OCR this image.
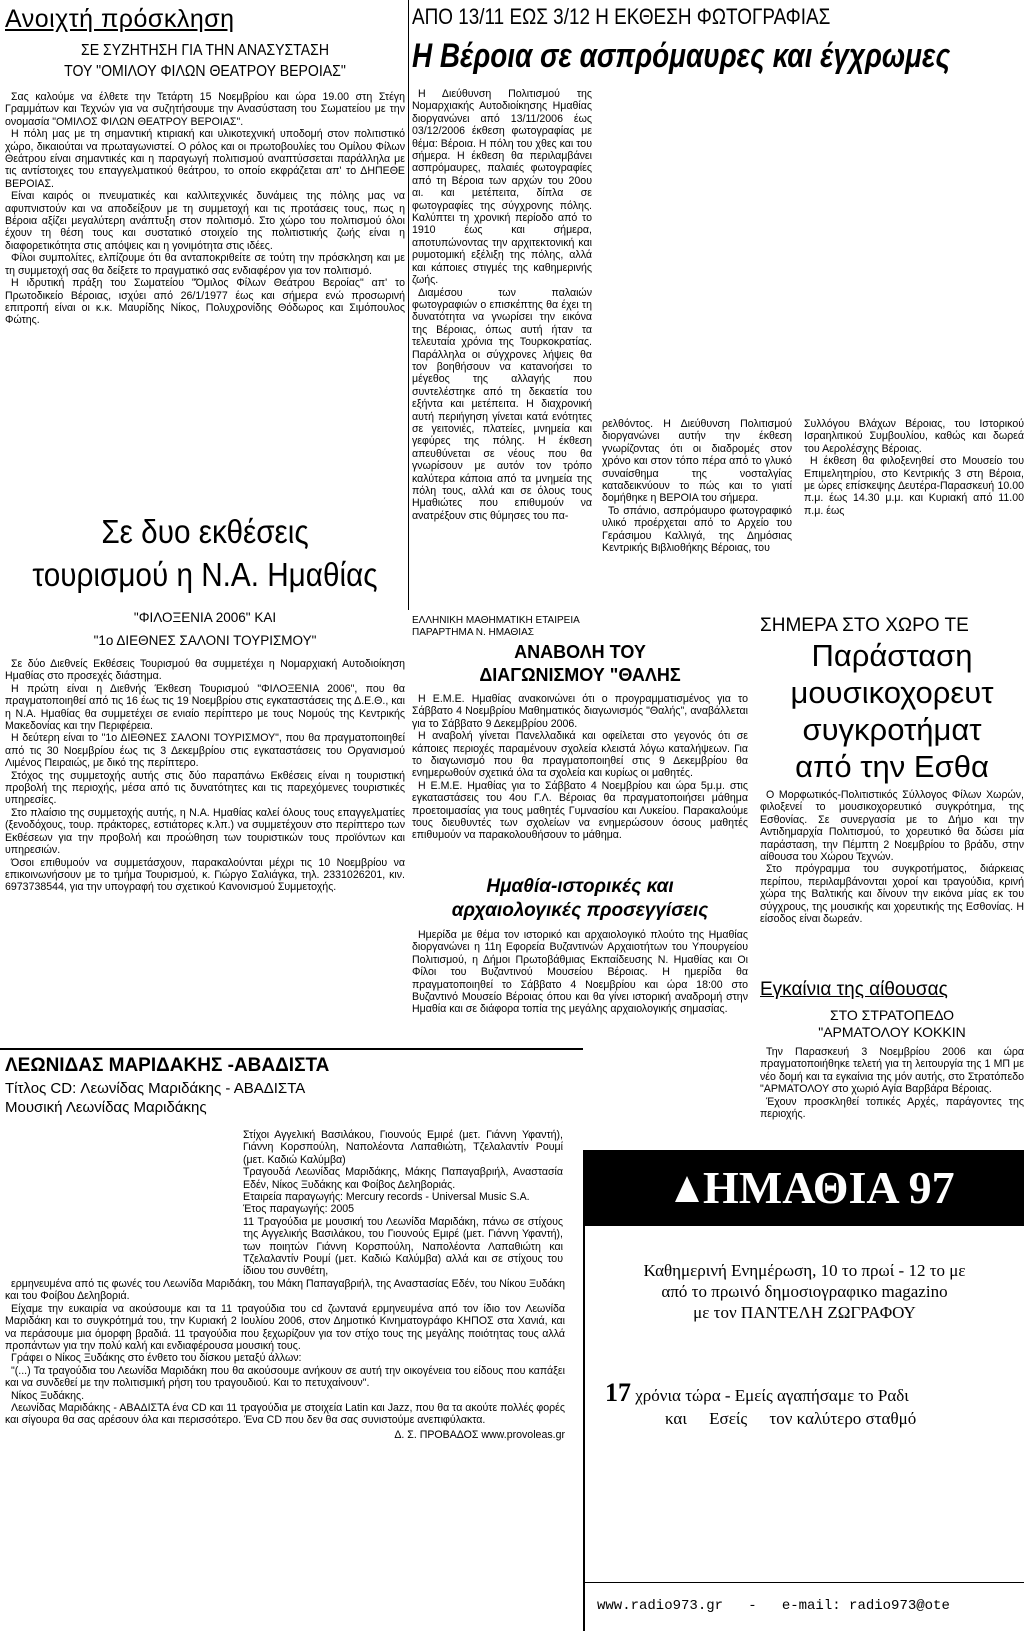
Ανοιχτή πρόσκληση
ΣΕ ΣΥΖΗΤΗΣΗ ΓΙΑ ΤΗΝ ΑΝΑΣΥΣΤΑΣΗ
ΤΟΥ "ΟΜΙΛΟΥ ΦΙΛΩΝ ΘΕΑΤΡΟΥ ΒΕΡΟΙΑΣ"

Σας καλούμε να έλθετε την Τετάρτη 15 Νοεμβρίου και ώρα 19.00 στη Στέγη Γραμμάτων και Τεχνών για να συζητήσουμε την Ανασύσταση του Σωματείου με την ονομασία "ΟΜΙΛΟΣ ΦΙΛΩΝ ΘΕΑΤΡΟΥ ΒΕΡΟΙΑΣ".

Η πόλη μας με τη σημαντική κτιριακή και υλικοτεχνική υποδομή στον πολιτιστικό χώρο, δικαιούται να πρωταγωνιστεί. Ο ρόλος και οι πρωτοβουλίες του Ομίλου Φίλων Θεάτρου είναι σημαντικές και η παραγωγή πολιτισμού αναπτύσσεται παράλληλα με τις αντίστοιχες του επαγγελματικού θεάτρου, το οποίο εκφράζεται απ' το ΔΗΠΕΘΕ ΒΕΡΟΙΑΣ.

Είναι καιρός οι πνευματικές και καλλιτεχνικές δυνάμεις της πόλης μας να αφυπνιστούν και να αποδείξουν με τη συμμετοχή και τις προτάσεις τους, πως η Βέροια αξίζει μεγαλύτερη ανάπτυξη στον πολιτισμό. Στο χώρο του πολιτισμού όλοι έχουν τη θέση τους και συστατικό στοιχείο της πολιτιστικής ζωής είναι η διαφορετικότητα στις απόψεις και η γονιμότητα στις ιδέες.

Φίλοι συμπολίτες, ελπίζουμε ότι θα ανταποκριθείτε σε τούτη την πρόσκληση και με τη συμμετοχή σας θα δείξετε το πραγματικό σας ενδιαφέρον για τον πολιτισμό.

Η ιδρυτική πράξη του Σωματείου "Όμιλος Φίλων Θεάτρου Βεροίας" απ' το Πρωτοδικείο Βέροιας, ισχύει από 26/1/1977 έως και σήμερα ενώ προσωρινή επιτροπή είναι οι κ.κ. Μαυρίδης Νίκος, Πολυχρονίδης Θόδωρος και Σιμόπουλος Φώτης.

Σε δυο εκθέσεις
τουρισμού η Ν.Α. Ημαθίας
"ΦΙΛΟΞΕΝΙΑ 2006" ΚΑΙ
"1ο ΔΙΕΘΝΕΣ ΣΑΛΟΝΙ ΤΟΥΡΙΣΜΟΥ"

Σε δύο Διεθνείς Εκθέσεις Τουρισμού θα συμμετέχει η Νομαρχιακή Αυτοδιοίκηση Ημαθίας στο προσεχές διάστημα.

Η πρώτη είναι η Διεθνής Έκθεση Τουρισμού "ΦΙΛΟΞΕΝΙΑ 2006", που θα πραγματοποιηθεί από τις 16 έως τις 19 Νοεμβρίου στις εγκαταστάσεις της Δ.Ε.Θ., και η Ν.Α. Ημαθίας θα συμμετέχει σε ενιαίο περίπτερο με τους Νομούς της Κεντρικής Μακεδονίας και την Περιφέρεια.

Η δεύτερη είναι το "1ο ΔΙΕΘΝΕΣ ΣΑΛΟΝΙ ΤΟΥΡΙΣΜΟΥ", που θα πραγματοποιηθεί από τις 30 Νοεμβρίου έως τις 3 Δεκεμβρίου στις εγκαταστάσεις του Οργανισμού Λιμένος Πειραιώς, με δικό της περίπτερο.

Στόχος της συμμετοχής αυτής στις δύο παραπάνω Εκθέσεις είναι η τουριστική προβολή της περιοχής, μέσα από τις δυνατότητες και τις παρεχόμενες τουριστικές υπηρεσίες.

Στο πλαίσιο της συμμετοχής αυτής, η Ν.Α. Ημαθίας καλεί όλους τους επαγγελματίες (ξενοδόχους, τουρ. πράκτορες, εστιάτορες κ.λπ.) να συμμετέχουν στο περίπτερο των Εκθέσεων για την προβολή και προώθηση των τουριστικών τους προϊόντων και υπηρεσιών.

Όσοι επιθυμούν να συμμετάσχουν, παρακαλούνται μέχρι τις 10 Νοεμβρίου να επικοινωνήσουν με το τμήμα Τουρισμού, κ. Γιώργο Σαλιάγκα, τηλ. 2331026201, κιν. 6973738544, για την υπογραφή του σχετικού Κανονισμού Συμμετοχής.

ΛΕΩΝΙΔΑΣ ΜΑΡΙΔΑΚΗΣ -ΑΒΑΔΙΣΤΑ
Τίτλος CD: Λεωνίδας Μαριδάκης - ΑΒΑΔΙΣΤΑ
Μουσική Λεωνίδας Μαριδάκης

Στίχοι Αγγελική Βασιλάκου, Γιουνούς Εμιρέ (μετ. Γιάννη Υφαντή), Γιάννη Κορσπούλη, Ναπολέοντα Λαπαθιώτη, Τζελαλαντίν Ρουμί (μετ. Καδιώ Καλύμβα)

Τραγουδά Λεωνίδας Μαριδάκης, Μάκης Παπαγαβριήλ, Αναστασία Εδέν, Νίκος Ξυδάκης και Φοίβος Δεληβοριάς.

Εταιρεία παραγωγής: Mercury records - Universal Music S.A.

Έτος παραγωγής: 2005

11 Τραγούδια με μουσική του Λεωνίδα Μαριδάκη, πάνω σε στίχους της Αγγελικής Βασιλάκου, του Γιουνούς Εμιρέ (μετ. Γιάννη Υφαντή), των ποιητών Γιάννη Κορσπούλη, Ναπολέοντα Λαπαθιώτη και Τζελαλαντίν Ρουμί (μετ. Καδιώ Καλύμβα) αλλά και σε στίχους του ίδιου του συνθέτη,

ερμηνευμένα από τις φωνές του Λεωνίδα Μαριδάκη, του Μάκη Παπαγαβριήλ, της Αναστασίας Εδέν, του Νίκου Ξυδάκη και του Φοίβου Δεληβοριά.

Είχαμε την ευκαιρία να ακούσουμε και τα 11 τραγούδια του cd ζωντανά ερμηνευμένα από τον ίδιο τον Λεωνίδα Μαριδάκη και το συγκρότημά του, την Κυριακή 2 Ιουλίου 2006, στον Δημοτικό Κινηματογράφο ΚΗΠΟΣ στα Χανιά, και να περάσουμε μια όμορφη βραδιά. 11 τραγούδια που ξεχωρίζουν για τον στίχο τους της μεγάλης ποιότητας τους αλλά προπάντων για την πολύ καλή και ενδιαφέρουσα μουσική τους.

Γράφει ο Νίκος Ξυδάκης στο ένθετο του δίσκου μεταξύ άλλων:

"(...) Τα τραγούδια του Λεωνίδα Μαριδάκη που θα ακούσουμε ανήκουν σε αυτή την οικογένεια του είδους που καπάξει και να συνδεθεί με την πολιτισμική ρήση του τραγουδιού. Και το πετυχαίνουν".

Νίκος Ξυδάκης.

Λεωνίδας Μαριδάκης - ΑΒΑΔΙΣΤΑ ένα CD και 11 τραγούδια με στοιχεία Latin και Jazz, που θα τα ακούτε πολλές φορές και σίγουρα θα σας αρέσουν όλα και περισσότερο. Ένα CD που δεν θα σας συνιστούμε ανεπιφύλακτα.

Δ. Σ. ΠΡΟΒΑΔΟΣ www.provoleas.gr
ΑΠΟ 13/11 ΕΩΣ 3/12 Η ΕΚΘΕΣΗ ΦΩΤΟΓΡΑΦΙΑΣ
Η Βέροια σε ασπρόμαυρες και έγχρωμες

Η Διεύθυνση Πολιτισμού της Νομαρχιακής Αυτοδιοίκησης Ημαθίας διοργανώνει από 13/11/2006 έως 03/12/2006 έκθεση φωτογραφίας με θέμα: Βέροια. Η πόλη του χθες και του σήμερα. Η έκθεση θα περιλαμβάνει ασπρόμαυρες, παλαιές φωτογραφίες από τη Βέροια των αρχών του 20ου αι. και μετέπειτα, δίπλα σε φωτογραφίες της σύγχρονης πόλης. Καλύπτει τη χρονική περίοδο από το 1910 έως και σήμερα, αποτυπώνοντας την αρχιτεκτονική και ρυμοτομική εξέλιξη της πόλης, αλλά και κάποιες στιγμές της καθημερινής ζωής.

Διαμέσου των παλαιών φωτογραφιών ο επισκέπτης θα έχει τη δυνατότητα να γνωρίσει την εικόνα της Βέροιας, όπως αυτή ήταν τα τελευταία χρόνια της Τουρκοκρατίας. Παράλληλα οι σύγχρονες λήψεις θα τον βοηθήσουν να κατανοήσει το μέγεθος της αλλαγής που συντελέστηκε από τη δεκαετία του εξήντα και μετέπειτα. Η διαχρονική αυτή περιήγηση γίνεται κατά ενότητες σε γειτονιές, πλατείες, μνημεία και γεφύρες της πόλης. Η έκθεση απευθύνεται σε νέους που θα γνωρίσουν με αυτόν τον τρόπο καλύτερα κάποια από τα μνημεία της πόλη τους, αλλά και σε όλους τους Ημαθιώτες που επιθυμούν να ανατρέξουν στις θύμησες του πα-

ρελθόντος. Η Διεύθυνση Πολιτισμού διοργανώνει αυτήν την έκθεση γνωρίζοντας ότι οι διαδρομές στον χρόνο και στον τόπο πέρα από το γλυκό συναίσθημα της νοσταλγίας καταδεικνύουν το πώς και το γιατί δομήθηκε η ΒΕΡΟΙΑ του σήμερα.

Το σπάνιο, ασπρόμαυρο φωτογραφικό υλικό προέρχεται από το Αρχείο του Γεράσιμου Καλλιγά, της Δημόσιας Κεντρικής Βιβλιοθήκης Βέροιας, του

Συλλόγου Βλάχων Βέροιας, του Ιστορικού Ισραηλιτικού Συμβουλίου, καθώς και δωρεά του Αερολέσχης Βέροιας.

Η έκθεση θα φιλοξενηθεί στο Μουσείο του Επιμελητηρίου, στο Κεντρικής 3 στη Βέροια, με ώρες επίσκεψης Δευτέρα-Παρασκευή 10.00 π.μ. έως 14.30 μ.μ. και Κυριακή από 11.00 π.μ. έως

ΕΛΛΗΝΙΚΗ ΜΑΘΗΜΑΤΙΚΗ ΕΤΑΙΡΕΙΑ
ΠΑΡΑΡΤΗΜΑ Ν. ΗΜΑΘΙΑΣ
ΑΝΑΒΟΛΗ ΤΟΥ
ΔΙΑΓΩΝΙΣΜΟΥ "ΘΑΛΗΣ

Η Ε.Μ.Ε. Ημαθίας ανακοινώνει ότι ο προγραμματισμένος για το Σάββατο 4 Νοεμβρίου Μαθηματικός διαγωνισμός "Θαλής", αναβάλλεται για το Σάββατο 9 Δεκεμβρίου 2006.

Η αναβολή γίνεται Πανελλαδικά και οφείλεται στο γεγονός ότι σε κάποιες περιοχές παραμένουν σχολεία κλειστά λόγω καταλήψεων. Για το διαγωνισμό που θα πραγματοποιηθεί στις 9 Δεκεμβρίου θα ενημερωθούν σχετικά όλα τα σχολεία και κυρίως οι μαθητές.

Η Ε.Μ.Ε. Ημαθίας για το Σάββατο 4 Νοεμβρίου και ώρα 5μ.μ. στις εγκαταστάσεις του 4ου Γ.Λ. Βέροιας θα πραγματοποιήσει μάθημα προετοιμασίας για τους μαθητές Γυμνασίου και Λυκείου. Παρακαλούμε τους διευθυντές των σχολείων να ενημερώσουν όσους μαθητές επιθυμούν να παρακολουθήσουν το μάθημα.

Ημαθία-ιστορικές και
αρχαιολογικές προσεγγίσεις

Ημερίδα με θέμα τον ιστορικό και αρχαιολογικό πλούτο της Ημαθίας διοργανώνει η 11η Εφορεία Βυζαντινών Αρχαιοτήτων του Υπουργείου Πολιτισμού, η Δήμοι Πρωτοβάθμιας Εκπαίδευσης Ν. Ημαθίας και Οι Φίλοι του Βυζαντινού Μουσείου Βέροιας. Η ημερίδα θα πραγματοποιηθεί το Σάββατο 4 Νοεμβρίου και ώρα 18:00 στο Βυζαντινό Μουσείο Βέροιας όπου και θα γίνει ιστορική αναδρομή στην Ημαθία και σε διάφορα τοπία της μεγάλης αρχαιολογικής σημασίας.

ΣΗΜΕΡΑ ΣΤΟ ΧΩΡΟ ΤΕ
Παράσταση
μουσικοχορευτ
συγκροτήματ
από την Εσθα

Ο Μορφωτικός-Πολιτιστικός Σύλλογος Φίλων Χωρών, φιλοξενεί το μουσικοχορευτικό συγκρότημα, της Εσθονίας. Σε συνεργασία με το Δήμο και την Αντιδημαρχία Πολιτισμού, το χορευτικό θα δώσει μία παράσταση, την Πέμπτη 2 Νοεμβρίου το βράδυ, στην αίθουσα του Χώρου Τεχνών.

Στο πρόγραμμα του συγκροτήματος, διάρκειας περίπου, περιλαμβάνονται χοροί και τραγούδια, κρινή χώρα της Βαλτικής και δίνουν την εικόνα μίας εκ του σύγχρους, της μουσικής και χορευτικής της Εσθονίας. Η είσοδος είναι δωρεάν.

Εγκαίνια της αίθουσας
ΣΤΟ ΣΤΡΑΤΟΠΕΔΟ
"ΑΡΜΑΤΟΛΟΥ ΚΟΚΚΙΝ

Την Παρασκευή 3 Νοεμβρίου 2006 και ώρα πραγματοποιήθηκε τελετή για τη λειτουργία της 1 ΜΠ με νέο δομή και τα εγκαίνια της μόν αυτής, στο Στρατόπεδο "ΑΡΜΑΤΟΛΟΥ στο χωριό Αγία Βαρβάρα Βέροιας.

Έχουν προσκληθεί τοπικές Αρχές, παράγοντες της περιοχής.

ΗΜΑΘΙΑ 97
Καθημερινή Ενημέρωση, 10 το πρωί - 12 το με
από το πρωινό δημοσιογραφικο magazino
με τον ΠΑΝΤΕΛΗ ΖΩΓΡΑΦΟΥ
17 χρόνια τώρα - Εμείς αγαπήσαμε το Ραδι
και Εσείς τον καλύτερο σταθμό
www.radio973.gr   -   e-mail: radio973@ote
